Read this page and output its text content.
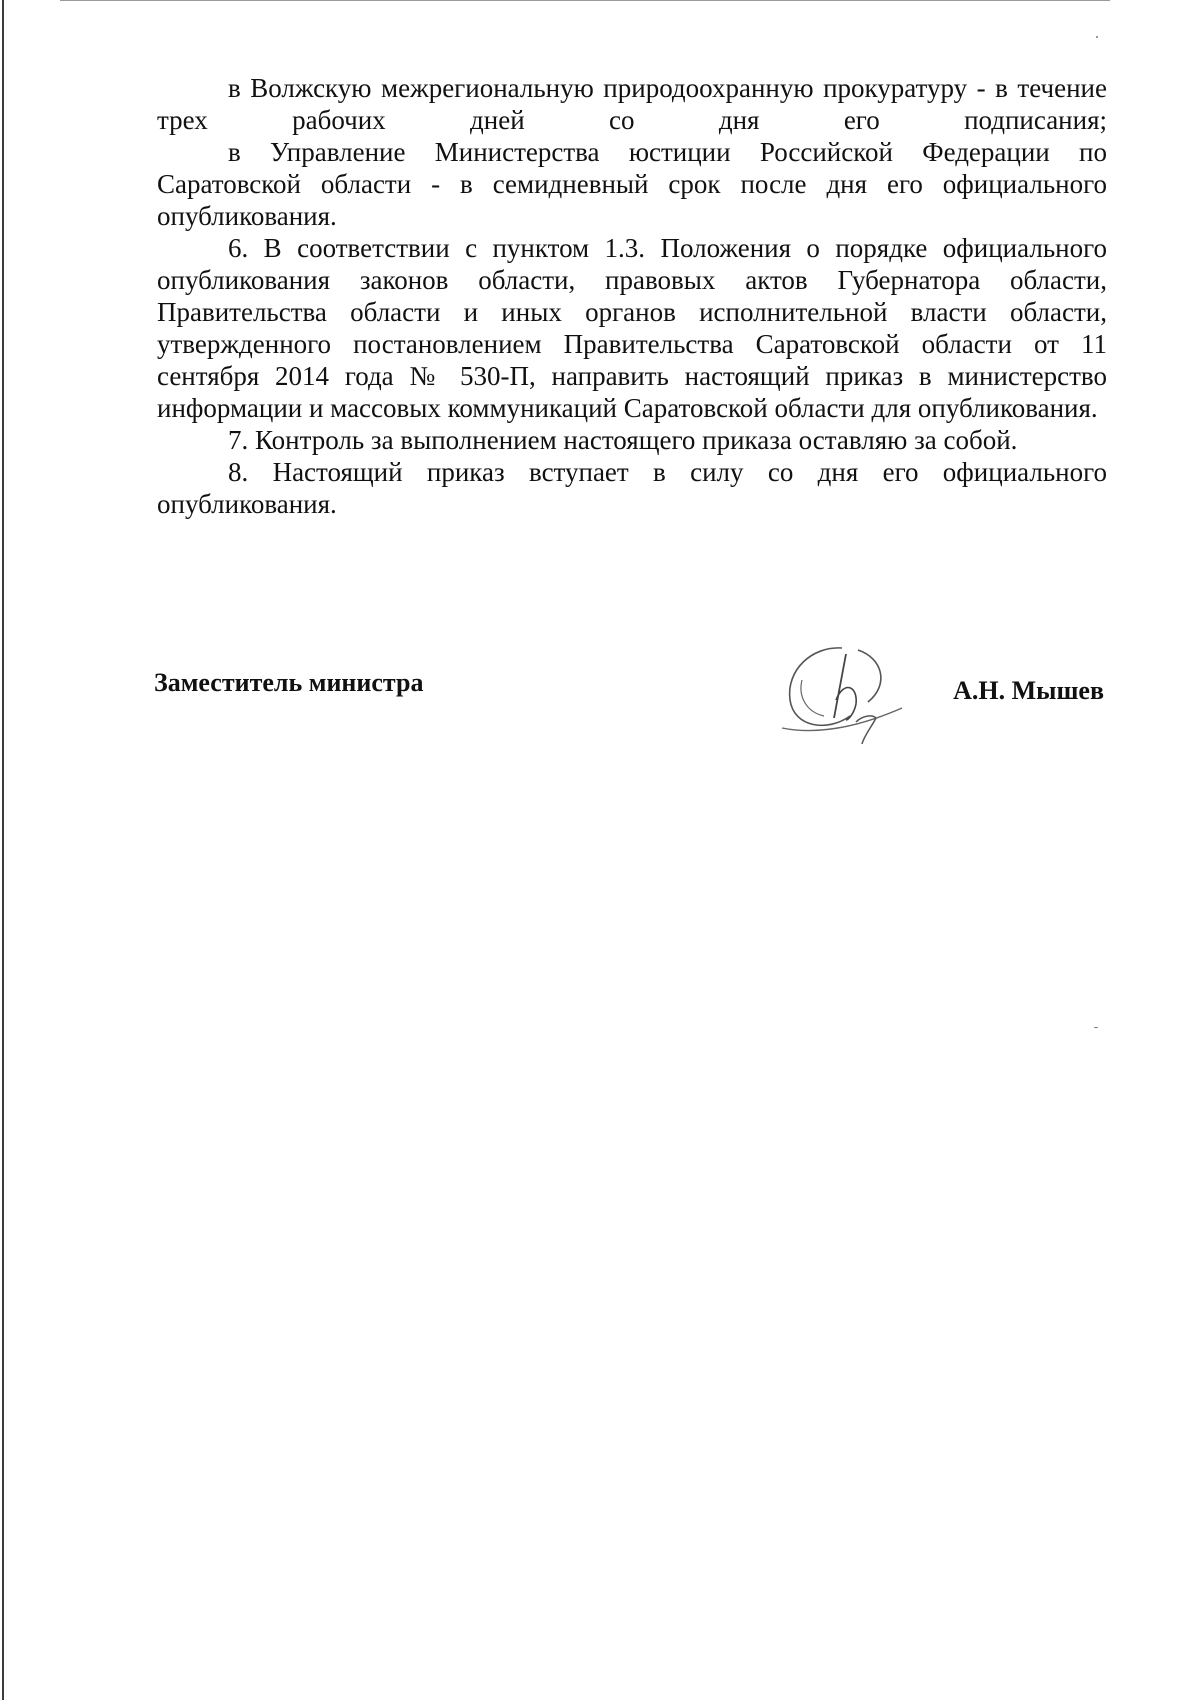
в Волжскую межрегиональную природоохранную прокуратуру - в течение трех рабочих дней со дня его подписания;

в Управление Министерства юстиции Российской Федерации по Саратовской области - в семидневный срок после дня его официального опубликования.

6. В соответствии с пунктом 1.3. Положения о порядке официального опубликования законов области, правовых актов Губернатора области, Правительства области и иных органов исполнительной власти области, утвержденного постановлением Правительства Саратовской области от 11 сентября 2014 года № 530-П, направить настоящий приказ в министерство информации и массовых коммуникаций Саратовской области для опубликования.

7. Контроль за выполнением настоящего приказа оставляю за собой.

8. Настоящий приказ вступает в силу со дня его официального опубликования.

Заместитель министра	А.Н. Мышев
